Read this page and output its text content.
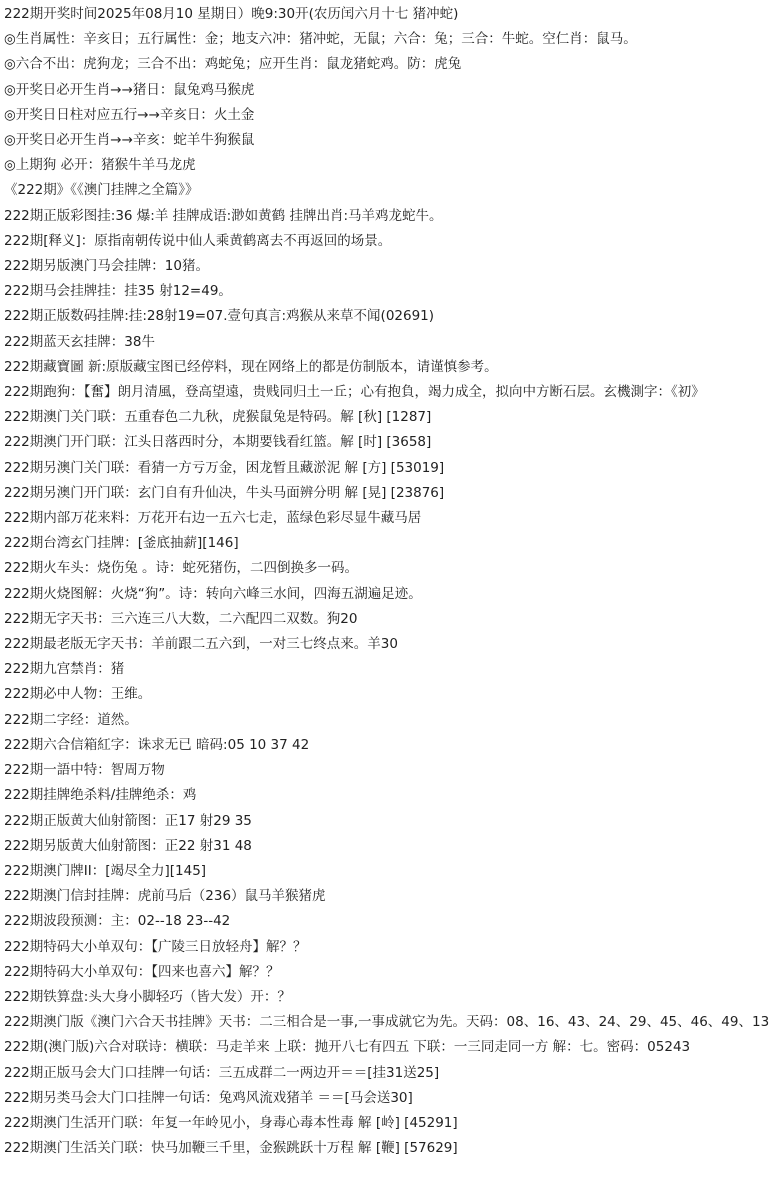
222期开奖时间2025年08月10 星期日）晚9:30开(农历闰六月十七 猪冲蛇)
◎生肖属性：辛亥日；五行属性：金；地支六冲：猪冲蛇，无鼠；六合：兔；三合：牛蛇。空仁肖：鼠马。
◎六合不出：虎狗龙；三合不出：鸡蛇兔；应开生肖：鼠龙猪蛇鸡。防：虎兔
◎开奖日必开生肖→→猪日：鼠兔鸡马猴虎
◎开奖日日柱对应五行→→辛亥日：火土金
◎开奖日必开生肖→→辛亥：蛇羊牛狗猴鼠
◎上期狗 必开：猪猴牛羊马龙虎
《222期》《《澳门挂牌之全篇》》
222期正版彩图挂:36 爆:羊 挂牌成语:渺如黄鹤 挂牌出肖:马羊鸡龙蛇牛。
222期[释义]：原指南朝传说中仙人乘黄鹤离去不再返回的场景。
222期另版澳门马会挂牌：10猪。
222期马会挂牌挂：挂35 射12=49。
222期正版数码挂牌:挂:28射19=07.壹句真言:鸡猴从来草不闻(02691)
222期蓝天玄挂牌：38牛
222期藏寶圖 新:原版藏宝图已经停料，现在网络上的都是仿制版本，请谨慎参考。
222期跑狗：【奮】朗月清風，登高望遠，贵贱同归土一丘；心有抱負，竭力成全，拟向中方断石层。玄機測字：《初》
222期澳门关门联：五重春色二九秋，虎猴鼠兔是特码。解 [秋] [1287]
222期澳门开门联：江头日落西时分，本期要钱看红篮。解 [时] [3658]
222期另澳门关门联：看猜一方亏万金，困龙暂且藏淤泥 解 [方] [53019]
222期另澳门开门联：玄门自有升仙决，牛头马面辨分明 解 [晃] [23876]
222期内部万花来料：万花开右边一五六七走，蓝绿色彩尽显牛藏马居
222期台湾玄门挂牌：[釜底抽薪][146]
222期火车头：烧伤兔 。诗：蛇死猪伤，二四倒换多一码。
222期火烧图解：火烧“狗”。诗：转向六峰三水间，四海五湖遍足迹。
222期无字天书：三六连三八大数，二六配四二双数。狗20
222期最老版无字天书：羊前跟二五六到，一对三七终点来。羊30
222期九宫禁肖：猪
222期必中人物：王维。
222期二字经：道然。
222期六合信箱紅字：诛求无已 暗码:05 10 37 42
222期一語中特：智周万物
222期挂牌绝杀料/挂牌绝杀：鸡
222期正版黄大仙射箭图：正17 射29 35
222期另版黄大仙射箭图：正22 射31 48
222期澳门牌II：[竭尽全力][145]
222期澳门信封挂牌：虎前马后（236）鼠马羊猴猪虎
222期波段预测：主：02--18 23--42
222期特码大小单双句：【广陵三日放轻舟】解？？
222期特码大小单双句：【四来也喜六】解？？
222期铁算盘:头大身小脚轻巧（皆大发）开：？
222期澳门版《澳门六合天书挂牌》天书：二三相合是一事,一事成就它为先。天码：08、16、43、24、29、45、46、49、13
222期(澳门版)六合对联诗：横联：马走羊来 上联：抛开八七有四五 下联：一三同走同一方 解：七。密码：05243
222期正版马会大门口挂牌一句话：三五成群二一两边开＝＝[挂31送25]
222期另类马会大门口挂牌一句话：兔鸡风流戏猪羊 ＝＝[马会送30]
222期澳门生活开门联：年复一年岭见小，身毒心毒本性毒 解 [岭] [45291]
222期澳门生活关门联：快马加鞭三千里，金猴跳跃十万程 解 [鞭] [57629]
